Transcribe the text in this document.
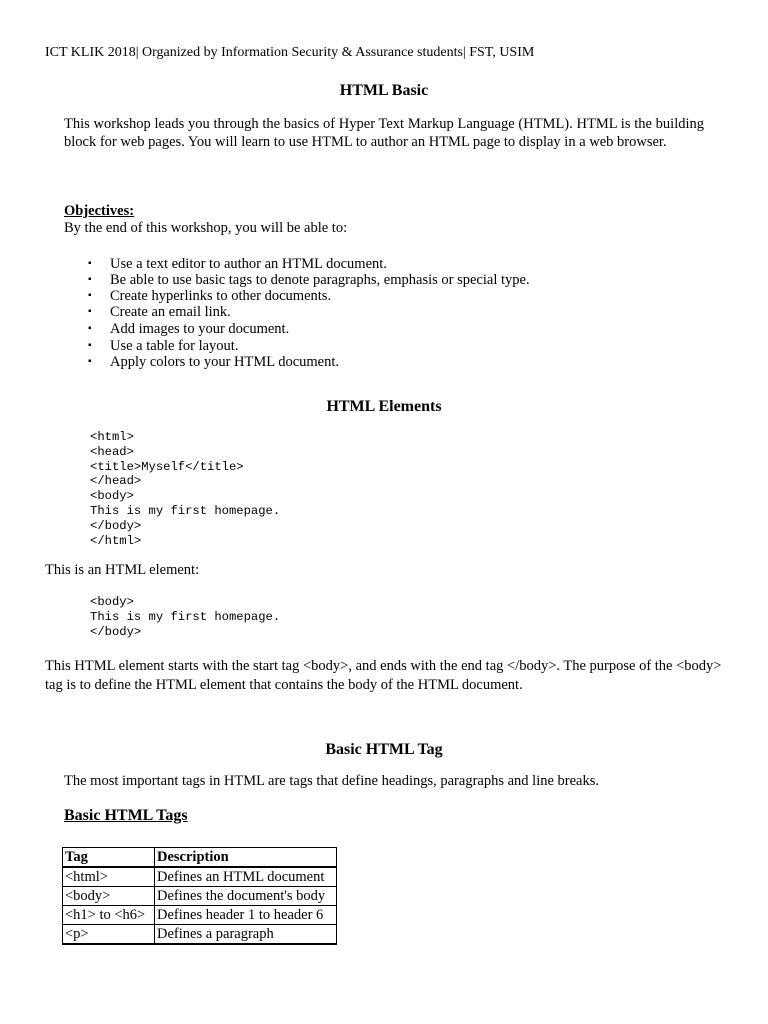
ICT KLIK 2018| Organized by Information Security & Assurance students| FST, USIM
HTML Basic
This workshop leads you through the basics of Hyper Text Markup Language (HTML). HTML is the building block for web pages. You will learn to use HTML to author an HTML page to display in a web browser.
Objectives:
By the end of this workshop, you will be able to:
▪ Use a text editor to author an HTML document.
▪ Be able to use basic tags to denote paragraphs, emphasis or special type.
▪ Create hyperlinks to other documents.
▪ Create an email link.
▪ Add images to your document.
▪ Use a table for layout.
▪ Apply colors to your HTML document.
HTML Elements
<html>
<head>
<title>Myself</title>
</head>
<body>
This is my first homepage.
</body>
</html>
This is an HTML element:
<body>
This is my first homepage.
</body>
This HTML element starts with the start tag <body>, and ends with the end tag </body>. The purpose of the <body> tag is to define the HTML element that contains the body of the HTML document.
Basic HTML Tag
The most important tags in HTML are tags that define headings, paragraphs and line breaks.
Basic HTML Tags
Tag	Description
<html>	Defines an HTML document
<body>	Defines the document's body
<h1> to <h6>	Defines header 1 to header 6
<p>	Defines a paragraph
